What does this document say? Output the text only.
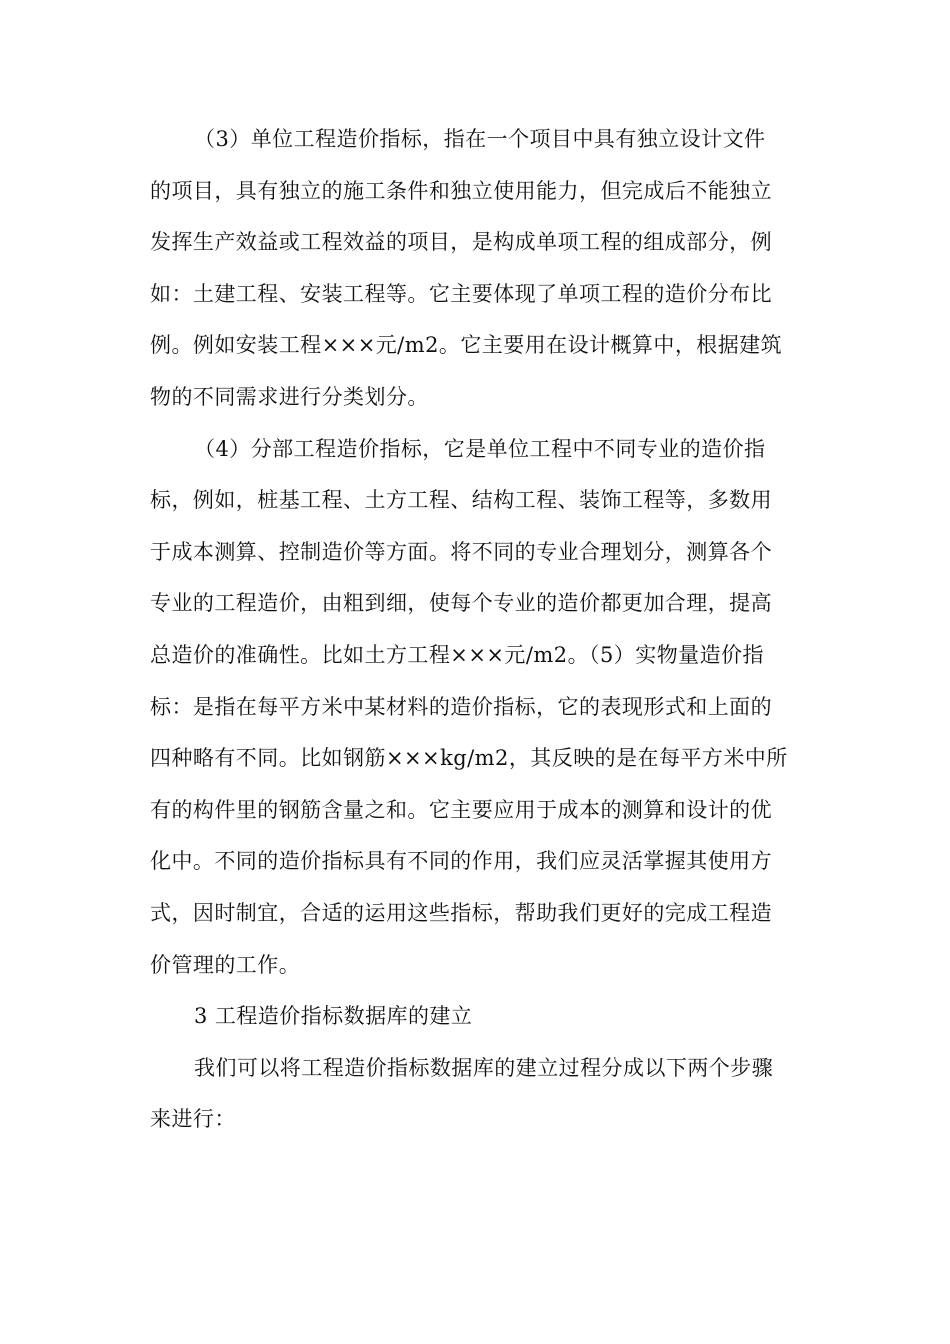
（3）单位工程造价指标，指在一个项目中具有独立设计文件
的项目，具有独立的施工条件和独立使用能力，但完成后不能独立
发挥生产效益或工程效益的项目，是构成单项工程的组成部分，例
如：土建工程、安装工程等。它主要体现了单项工程的造价分布比
例。例如安装工程×××元/m2。它主要用在设计概算中，根据建筑
物的不同需求进行分类划分。
（4）分部工程造价指标，它是单位工程中不同专业的造价指
标，例如，桩基工程、土方工程、结构工程、装饰工程等，多数用
于成本测算、控制造价等方面。将不同的专业合理划分，测算各个
专业的工程造价，由粗到细，使每个专业的造价都更加合理，提高
总造价的准确性。比如土方工程×××元/m2。（5）实物量造价指
标：是指在每平方米中某材料的造价指标，它的表现形式和上面的
四种略有不同。比如钢筋×××kg/m2，其反映的是在每平方米中所
有的构件里的钢筋含量之和。它主要应用于成本的测算和设计的优
化中。不同的造价指标具有不同的作用，我们应灵活掌握其使用方
式，因时制宜，合适的运用这些指标，帮助我们更好的完成工程造
价管理的工作。
3 工程造价指标数据库的建立
我们可以将工程造价指标数据库的建立过程分成以下两个步骤
来进行：
